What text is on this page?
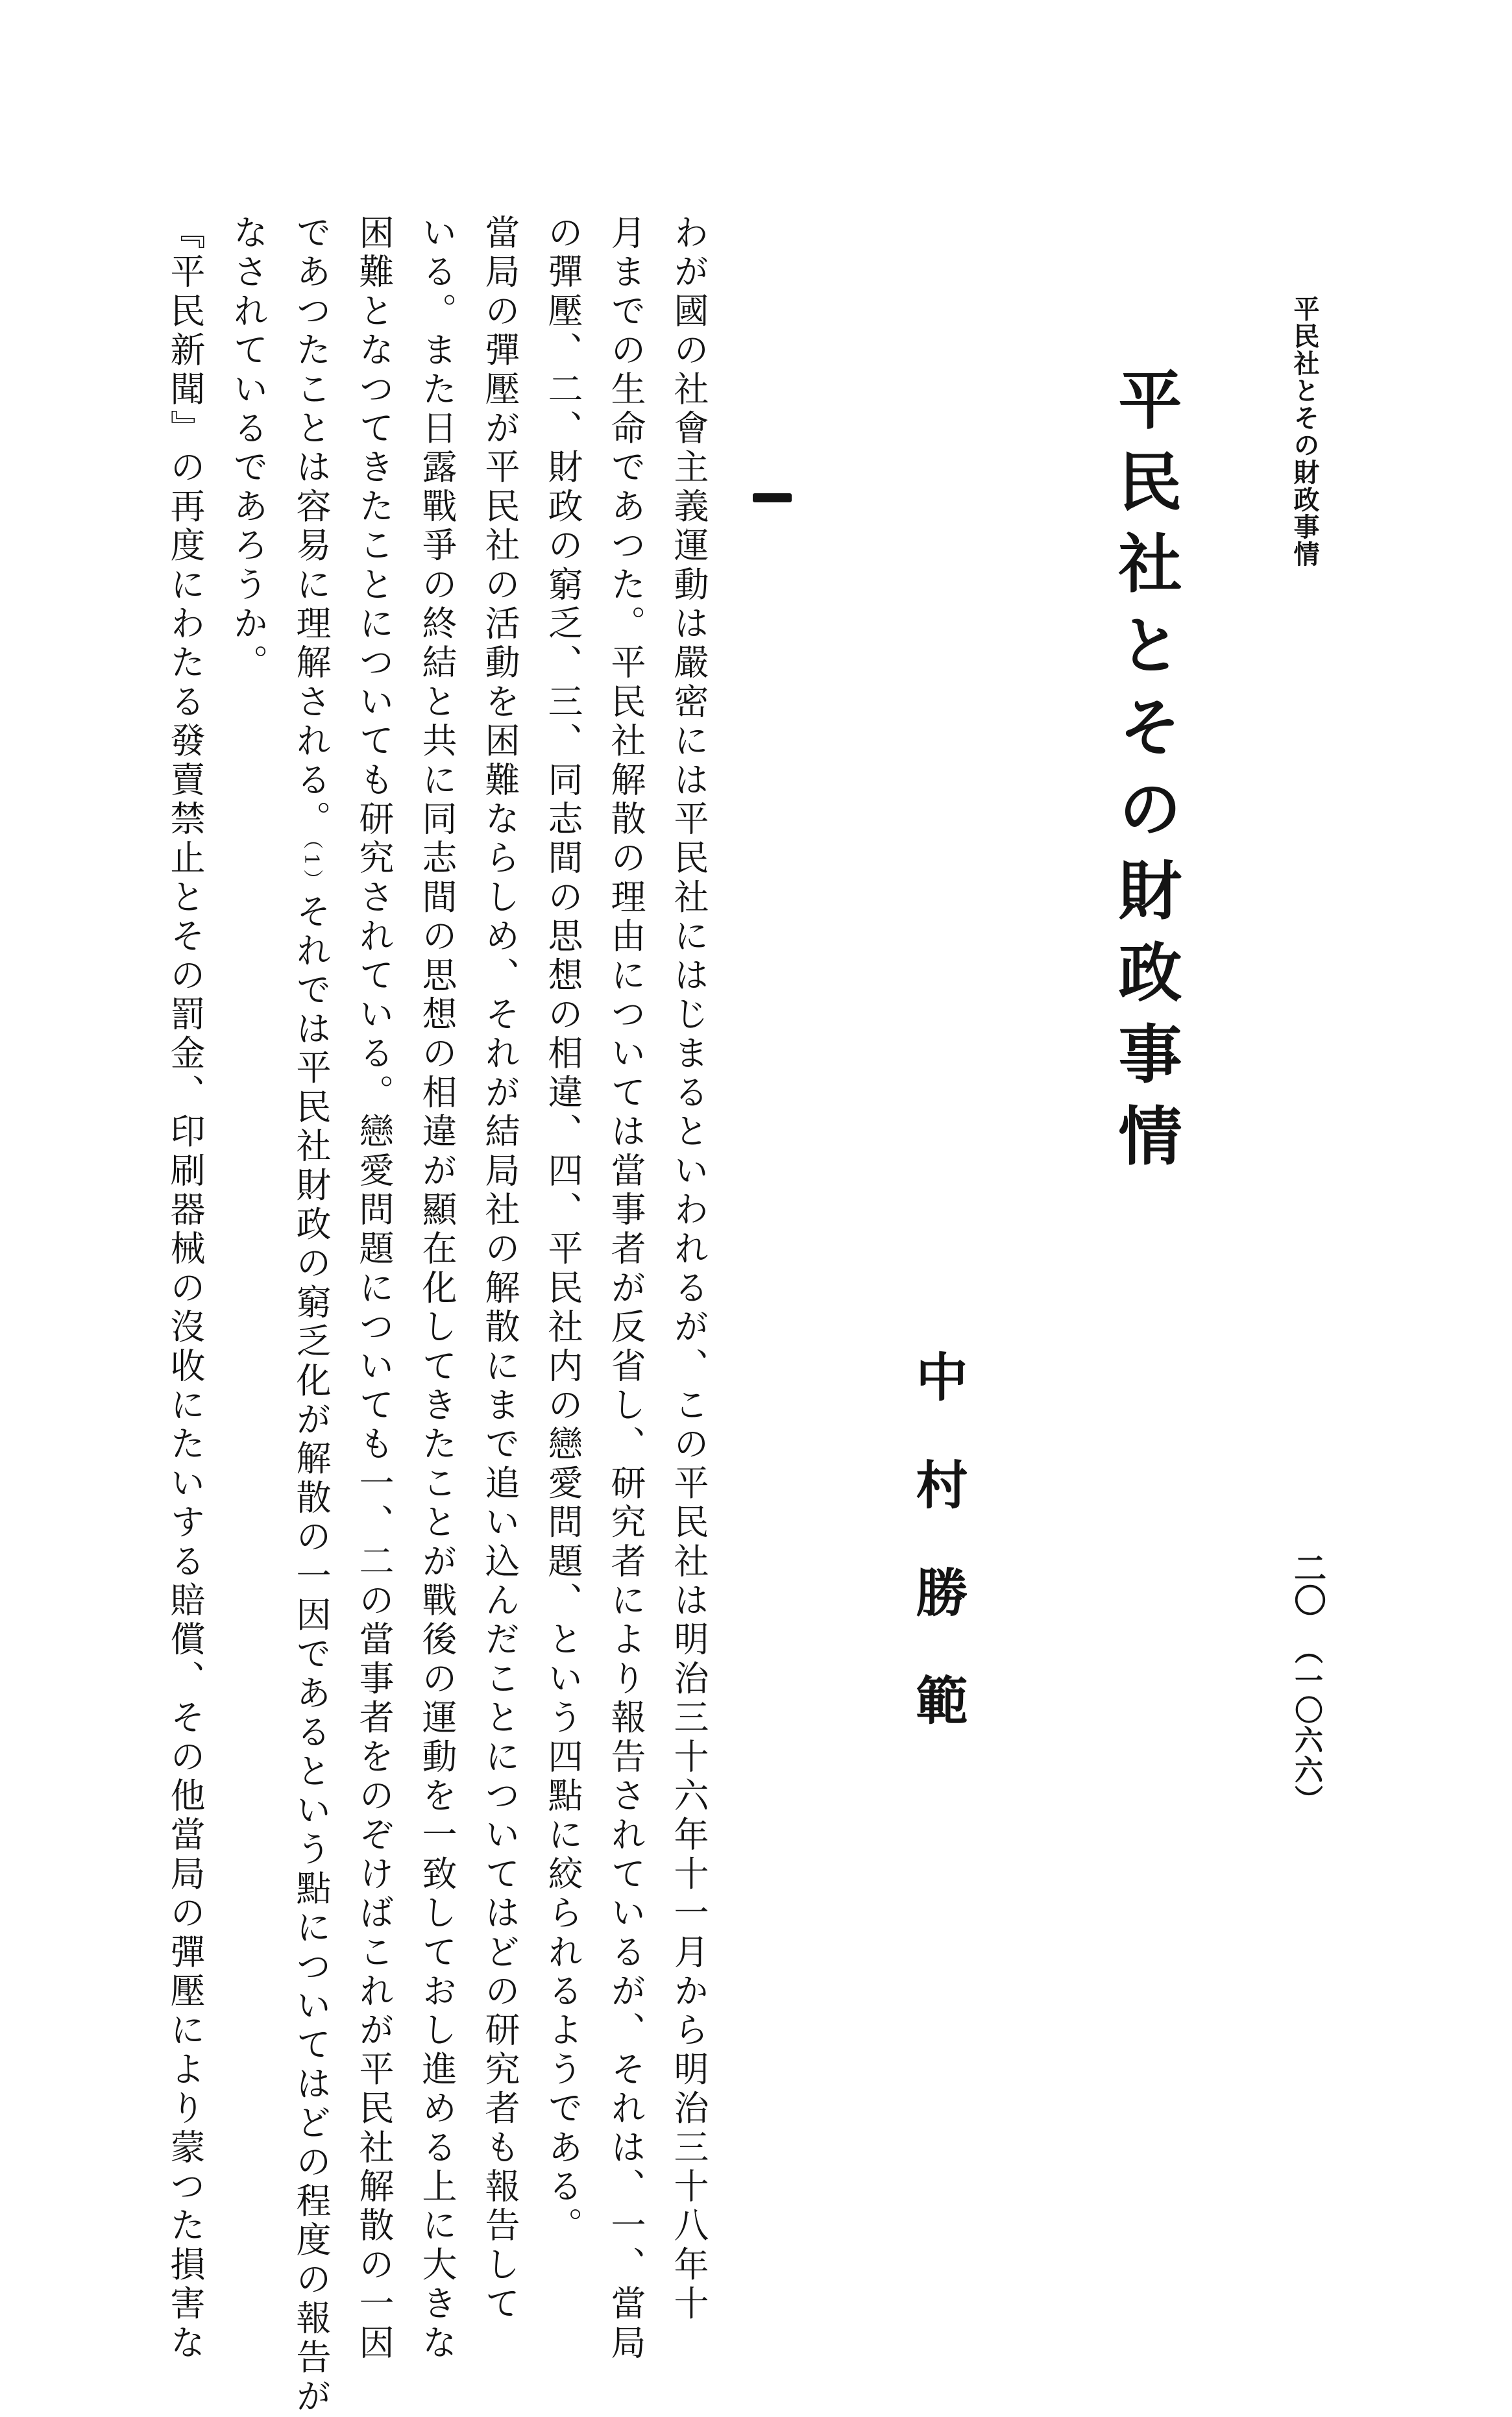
平民社とその財政事情
二〇
（一〇六六）
平民社とその財政事情
中村勝範
わが國の社會主義運動は嚴密には平民社にはじまるといわれるが、この平民社は明治三十六年十一月から明治三十八年十
月までの生命であつた。平民社解散の理由については當事者が反省し、研究者により報告されているが、それは、一、當局
の彈壓、二、財政の窮乏、三、同志間の思想の相違、四、平民社内の戀愛問題、という四點に絞られるようである。
當局の彈壓が平民社の活動を困難ならしめ、それが結局社の解散にまで追い込んだことについてはどの研究者も報告して
いる。また日露戰爭の終結と共に同志間の思想の相違が顯在化してきたことが戰後の運動を一致しておし進める上に大きな
困難となつてきたことについても研究されている。戀愛問題についても一、二の當事者をのぞけばこれが平民社解散の一因
であつたことは容易に理解される。（1）それでは平民社財政の窮乏化が解散の一因であるという點についてはどの程度の報告が
なされているであろうか。
『平民新聞』の再度にわたる發賣禁止とその罰金、印刷器械の沒收にたいする賠償、その他當局の彈壓により蒙つた損害な
